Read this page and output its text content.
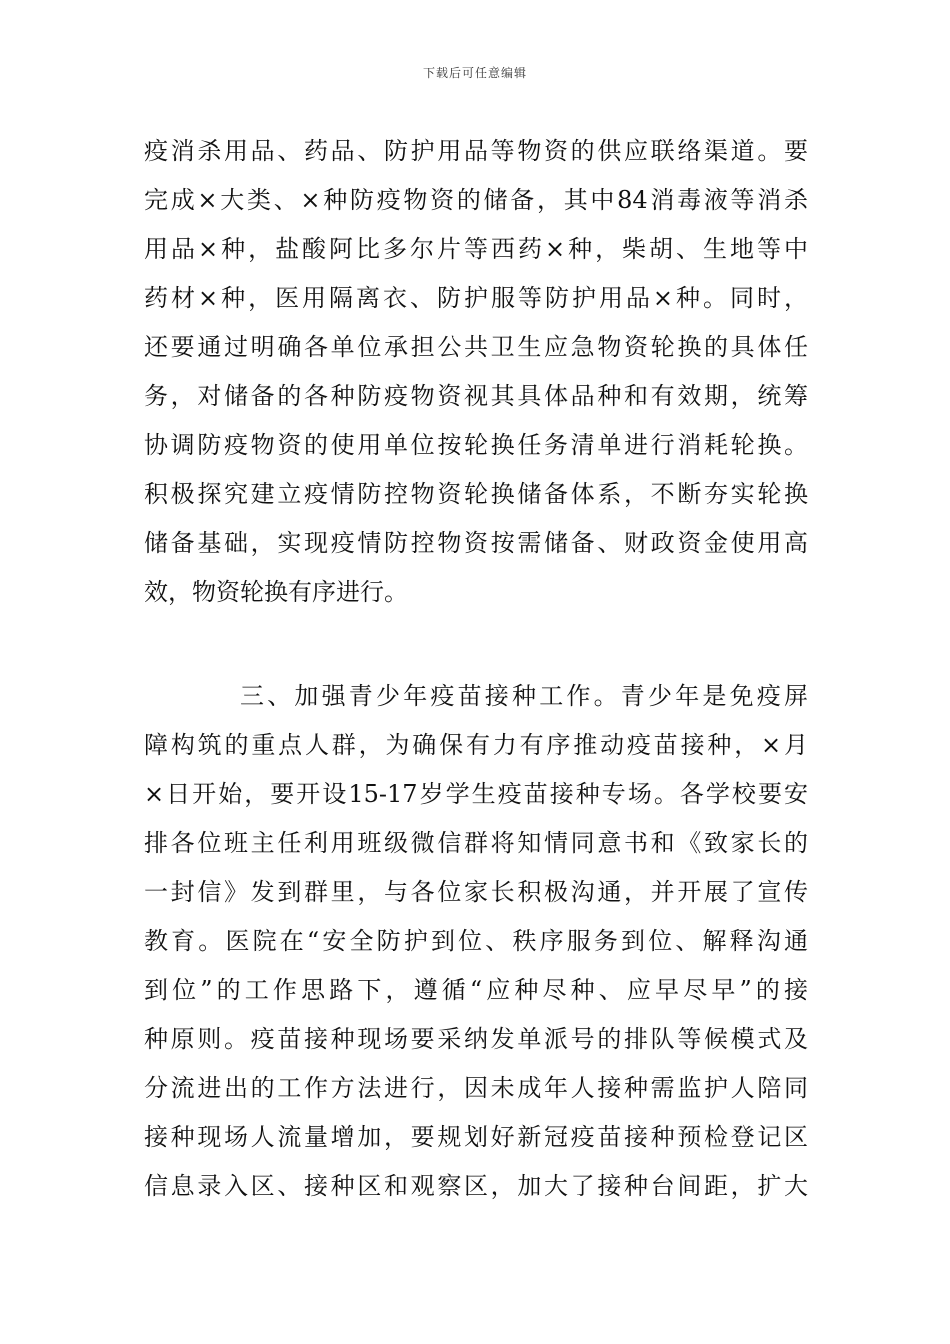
下载后可任意编辑
疫消杀用品、药品、防护用品等物资的供应联络渠道。要
完成×大类、×种防疫物资的储备，其中84消毒液等消杀
用品×种，盐酸阿比多尔片等西药×种，柴胡、生地等中
药材×种，医用隔离衣、防护服等防护用品×种。同时，
还要通过明确各单位承担公共卫生应急物资轮换的具体任
务，对储备的各种防疫物资视其具体品种和有效期，统筹
协调防疫物资的使用单位按轮换任务清单进行消耗轮换。
积极探究建立疫情防控物资轮换储备体系，不断夯实轮换
储备基础，实现疫情防控物资按需储备、财政资金使用高
效，物资轮换有序进行。
三、加强青少年疫苗接种工作。青少年是免疫屏
障构筑的重点人群，为确保有力有序推动疫苗接种，×月
×日开始，要开设15-17岁学生疫苗接种专场。各学校要安
排各位班主任利用班级微信群将知情同意书和《致家长的
一封信》发到群里，与各位家长积极沟通，并开展了宣传
教育。医院在“安全防护到位、秩序服务到位、解释沟通
到位”的工作思路下，遵循“应种尽种、应早尽早”的接
种原则。疫苗接种现场要采纳发单派号的排队等候模式及
分流进出的工作方法进行，因未成年人接种需监护人陪同
接种现场人流量增加，要规划好新冠疫苗接种预检登记区
信息录入区、接种区和观察区，加大了接种台间距，扩大
